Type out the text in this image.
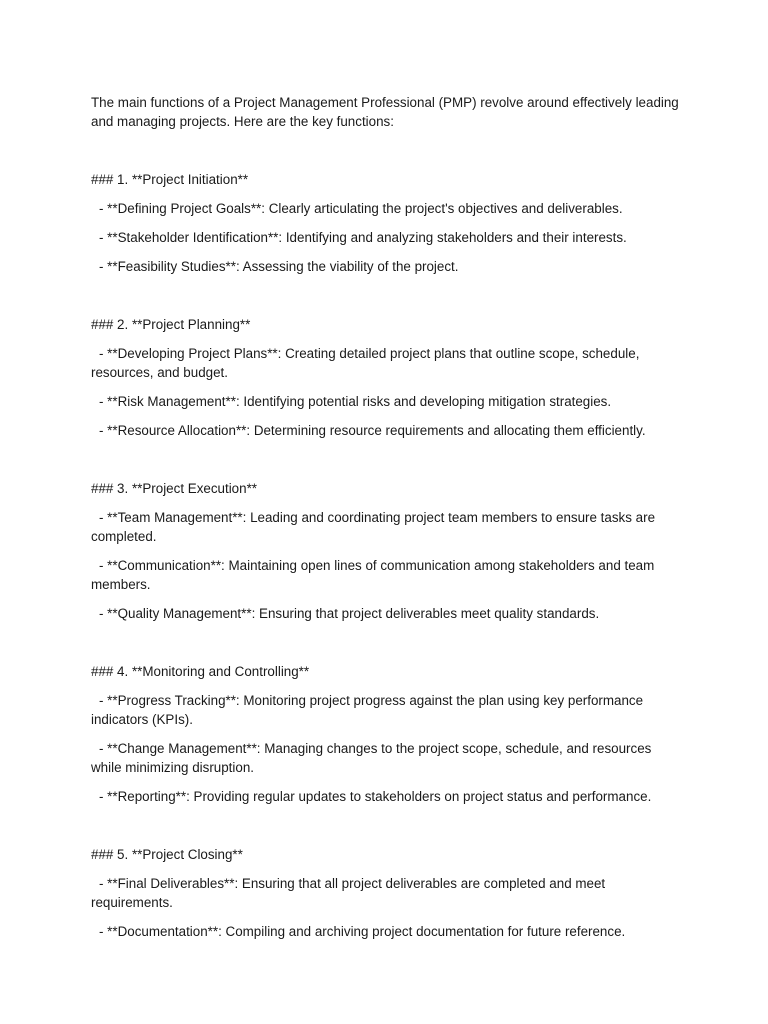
The main functions of a Project Management Professional (PMP) revolve around effectively leading and managing projects. Here are the key functions:

### 1. **Project Initiation**

- **Defining Project Goals**: Clearly articulating the project's objectives and deliverables.

- **Stakeholder Identification**: Identifying and analyzing stakeholders and their interests.

- **Feasibility Studies**: Assessing the viability of the project.

### 2. **Project Planning**

- **Developing Project Plans**: Creating detailed project plans that outline scope, schedule, resources, and budget.

- **Risk Management**: Identifying potential risks and developing mitigation strategies.

- **Resource Allocation**: Determining resource requirements and allocating them efficiently.

### 3. **Project Execution**

- **Team Management**: Leading and coordinating project team members to ensure tasks are completed.

- **Communication**: Maintaining open lines of communication among stakeholders and team members.

- **Quality Management**: Ensuring that project deliverables meet quality standards.

### 4. **Monitoring and Controlling**

- **Progress Tracking**: Monitoring project progress against the plan using key performance indicators (KPIs).

- **Change Management**: Managing changes to the project scope, schedule, and resources while minimizing disruption.

- **Reporting**: Providing regular updates to stakeholders on project status and performance.

### 5. **Project Closing**

- **Final Deliverables**: Ensuring that all project deliverables are completed and meet requirements.

- **Documentation**: Compiling and archiving project documentation for future reference.
